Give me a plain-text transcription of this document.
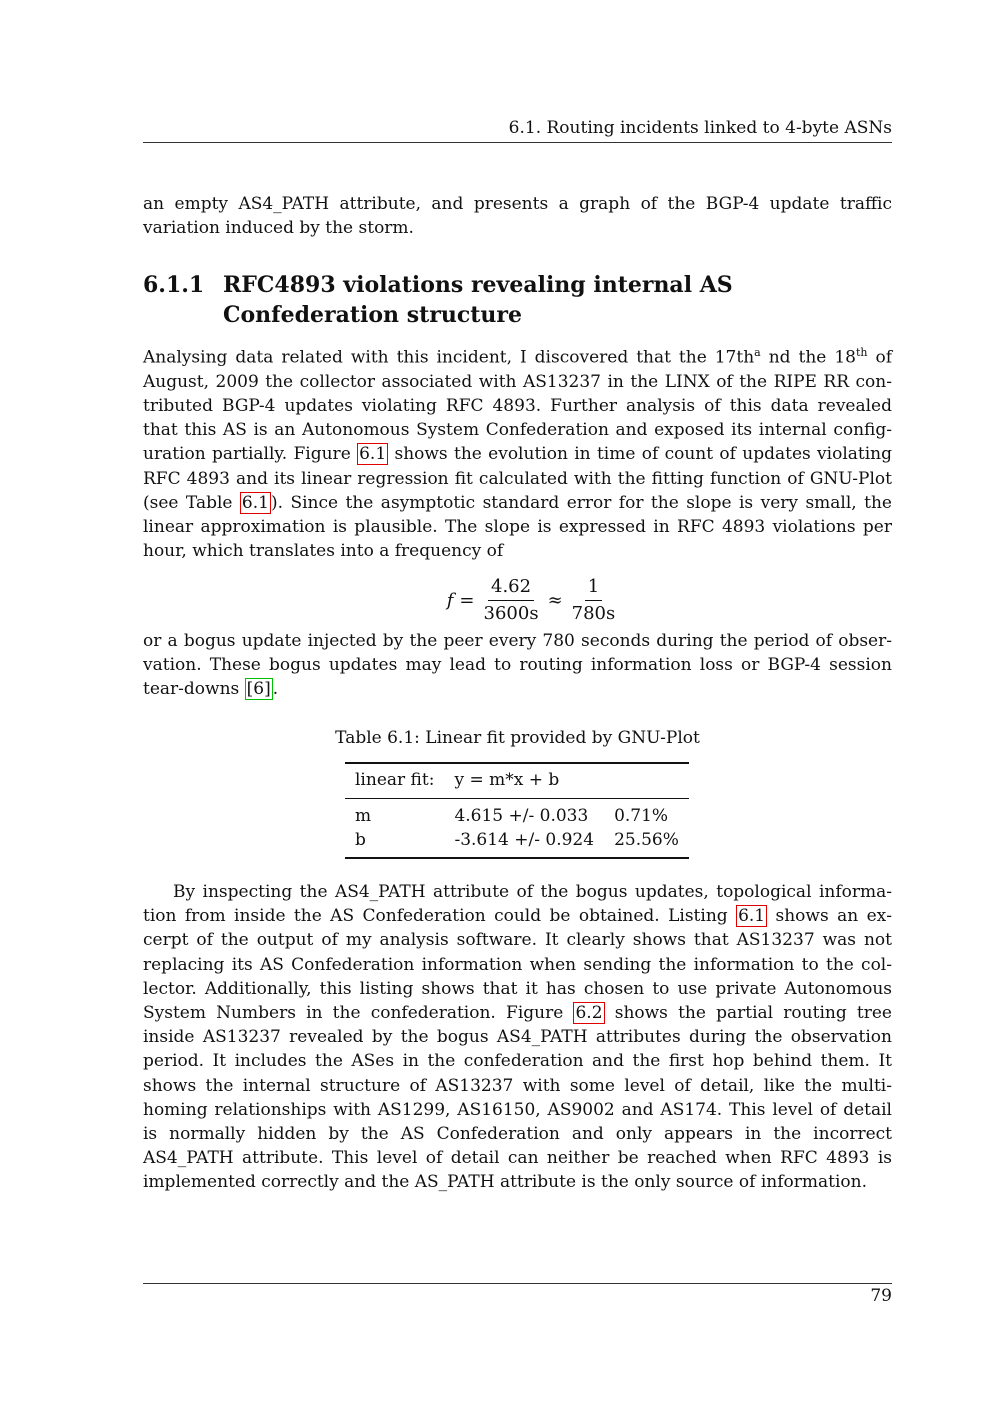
6.1. Routing incidents linked to 4-byte ASNs

an empty AS4_PATH attribute, and presents a graph of the BGP-4 update traffic variation induced by the storm.

6.1.1 RFC4893 violations revealing internal AS Confederation structure

Analysing data related with this incident, I discovered that the $17th^a$ nd the 18th of August, 2009 the collector associated with AS13237 in the LINX of the RIPE RR contributed BGP-4 updates violating RFC 4893. Further analysis of this data revealed that this AS is an Autonomous System Confederation and exposed its internal configuration partially. Figure 6.1 shows the evolution in time of count of updates violating RFC 4893 and its linear regression fit calculated with the fitting function of GNU-Plot (see Table 6.1 ). Since the asymptotic standard error for the slope is very small, the linear approximation is plausible. The slope is expressed in RFC 4893 violations per hour, which translates into a frequency of

$f = \frac{4.62}{3600s} \approx \frac{1}{780s}$

or a bogus update injected by the peer every 780 seconds during the period of observation. These bogus updates may lead to routing information loss or BGP-4 session tear-downs [6] .

Table 6.1: Linear fit provided by GNU-Plot
linear fit:	y = m*x + b	
m	4.615 +/- 0.033	0.71%
b	-3.614 +/- 0.924	25.56%

By inspecting the AS4_PATH attribute of the bogus updates, topological information from inside the AS Confederation could be obtained. Listing 6.1 shows an excerpt of the output of my analysis software. It clearly shows that AS13237 was not replacing its AS Confederation information when sending the information to the collector. Additionally, this listing shows that it has chosen to use private Autonomous System Numbers in the confederation. Figure 6.2 shows the partial routing tree inside AS13237 revealed by the bogus AS4_PATH attributes during the observation period. It includes the ASes in the confederation and the first hop behind them. It shows the internal structure of AS13237 with some level of detail, like the multi-homing relationships with AS1299, AS16150, AS9002 and AS174. This level of detail is normally hidden by the AS Confederation and only appears in the incorrect AS4_PATH attribute. This level of detail can neither be reached when RFC 4893 is implemented correctly and the AS_PATH attribute is the only source of information.

79
